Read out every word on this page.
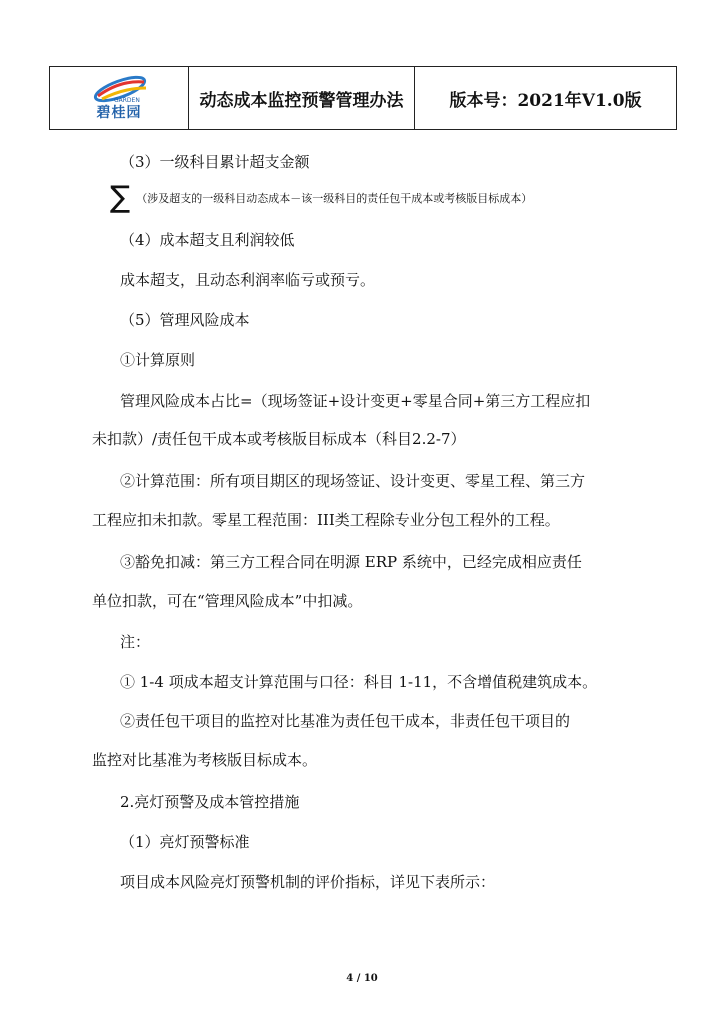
GARDEN
碧桂园
动态成本监控预警管理办法	版本号：2021年V1.0版
（3）一级科目累计超支金额
∑ （涉及超支的一级科目动态成本－该一级科目的责任包干成本或考核版目标成本）
（4）成本超支且利润较低
成本超支，且动态利润率临亏或预亏。
（5）管理风险成本
①计算原则
管理风险成本占比=（现场签证+设计变更+零星合同+第三方工程应扣
未扣款）/责任包干成本或考核版目标成本（科目2.2-7）
②计算范围：所有项目期区的现场签证、设计变更、零星工程、第三方
工程应扣未扣款。零星工程范围：III类工程除专业分包工程外的工程。
③豁免扣减：第三方工程合同在明源 ERP 系统中，已经完成相应责任
单位扣款，可在“管理风险成本”中扣减。
注：
① 1-4 项成本超支计算范围与口径：科目 1-11，不含增值税建筑成本。
②责任包干项目的监控对比基准为责任包干成本，非责任包干项目的
监控对比基准为考核版目标成本。
2.亮灯预警及成本管控措施
（1）亮灯预警标准
项目成本风险亮灯预警机制的评价指标，详见下表所示：
4 / 10
